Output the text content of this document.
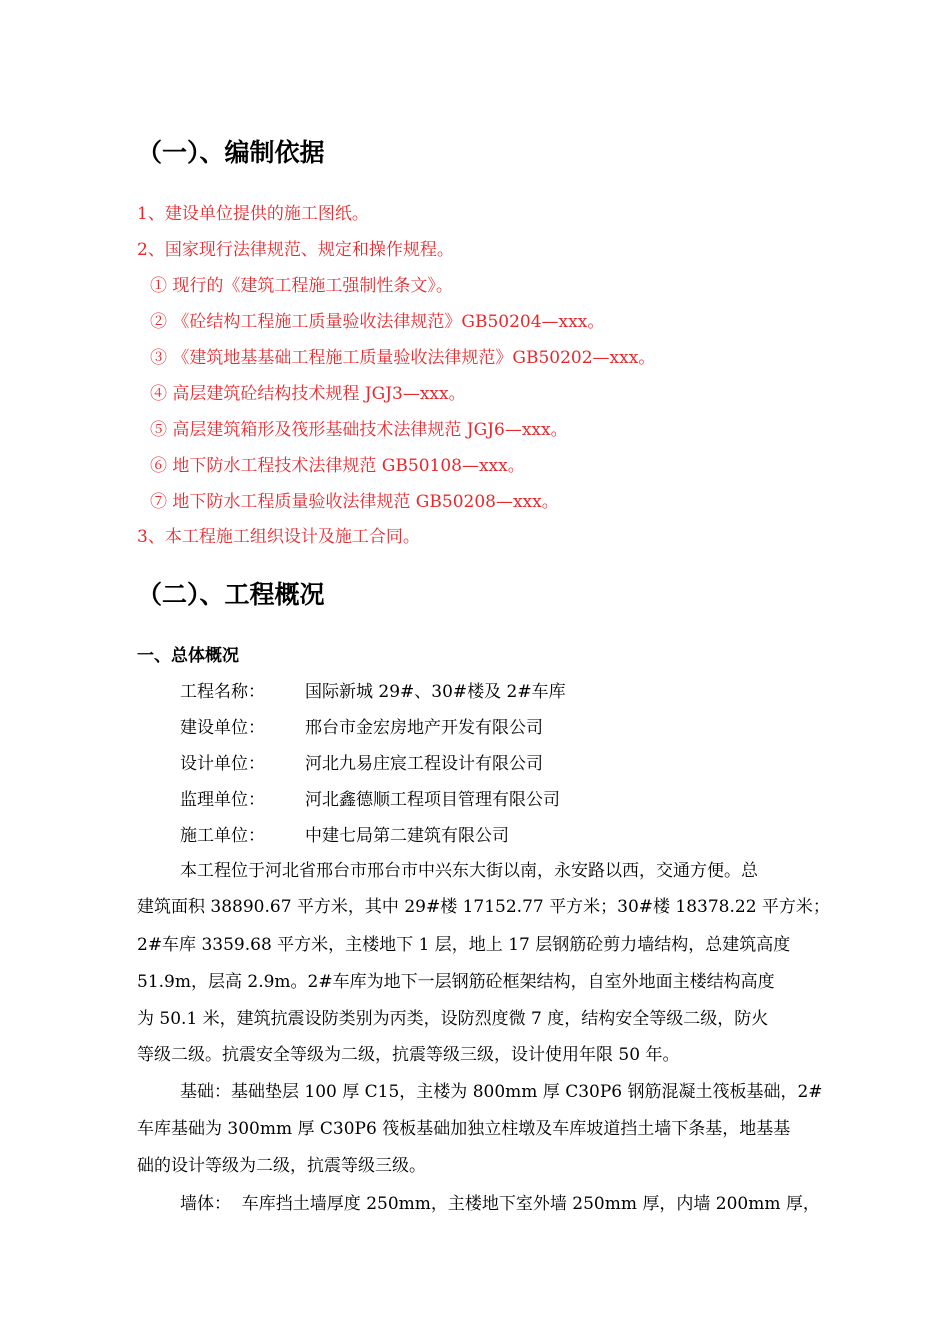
（一）、编制依据
1、建设单位提供的施工图纸。
2、国家现行法律规范、规定和操作规程。
① 现行的《建筑工程施工强制性条文》。
② 《砼结构工程施工质量验收法律规范》GB50204—xxx。
③ 《建筑地基基础工程施工质量验收法律规范》GB50202—xxx。
④ 高层建筑砼结构技术规程 JGJ3—xxx。
⑤ 高层建筑箱形及筏形基础技术法律规范 JGJ6—xxx。
⑥ 地下防水工程技术法律规范 GB50108—xxx。
⑦ 地下防水工程质量验收法律规范 GB50208—xxx。
3、本工程施工组织设计及施工合同。
（二）、工程概况
一、总体概况
工程名称： 国际新城 29#、30#楼及 2#车库
建设单位： 邢台市金宏房地产开发有限公司
设计单位： 河北九易庄宸工程设计有限公司
监理单位： 河北鑫德顺工程项目管理有限公司
施工单位： 中建七局第二建筑有限公司
本工程位于河北省邢台市邢台市中兴东大街以南，永安路以西，交通方便。总
建筑面积 38890.67 平方米，其中 29#楼 17152.77 平方米；30#楼 18378.22 平方米；
2#车库 3359.68 平方米，主楼地下 1 层，地上 17 层钢筋砼剪力墙结构，总建筑高度
51.9m，层高 2.9m。2#车库为地下一层钢筋砼框架结构，自室外地面主楼结构高度
为 50.1 米，建筑抗震设防类别为丙类，设防烈度微 7 度，结构安全等级二级，防火
等级二级。抗震安全等级为二级，抗震等级三级，设计使用年限 50 年。
基础：基础垫层 100 厚 C15，主楼为 800mm 厚 C30P6 钢筋混凝土筏板基础，2#
车库基础为 300mm 厚 C30P6 筏板基础加独立柱墩及车库坡道挡土墙下条基，地基基
础的设计等级为二级，抗震等级三级。
墙体：  车库挡土墙厚度 250mm，主楼地下室外墙 250mm 厚，内墙 200mm 厚，
